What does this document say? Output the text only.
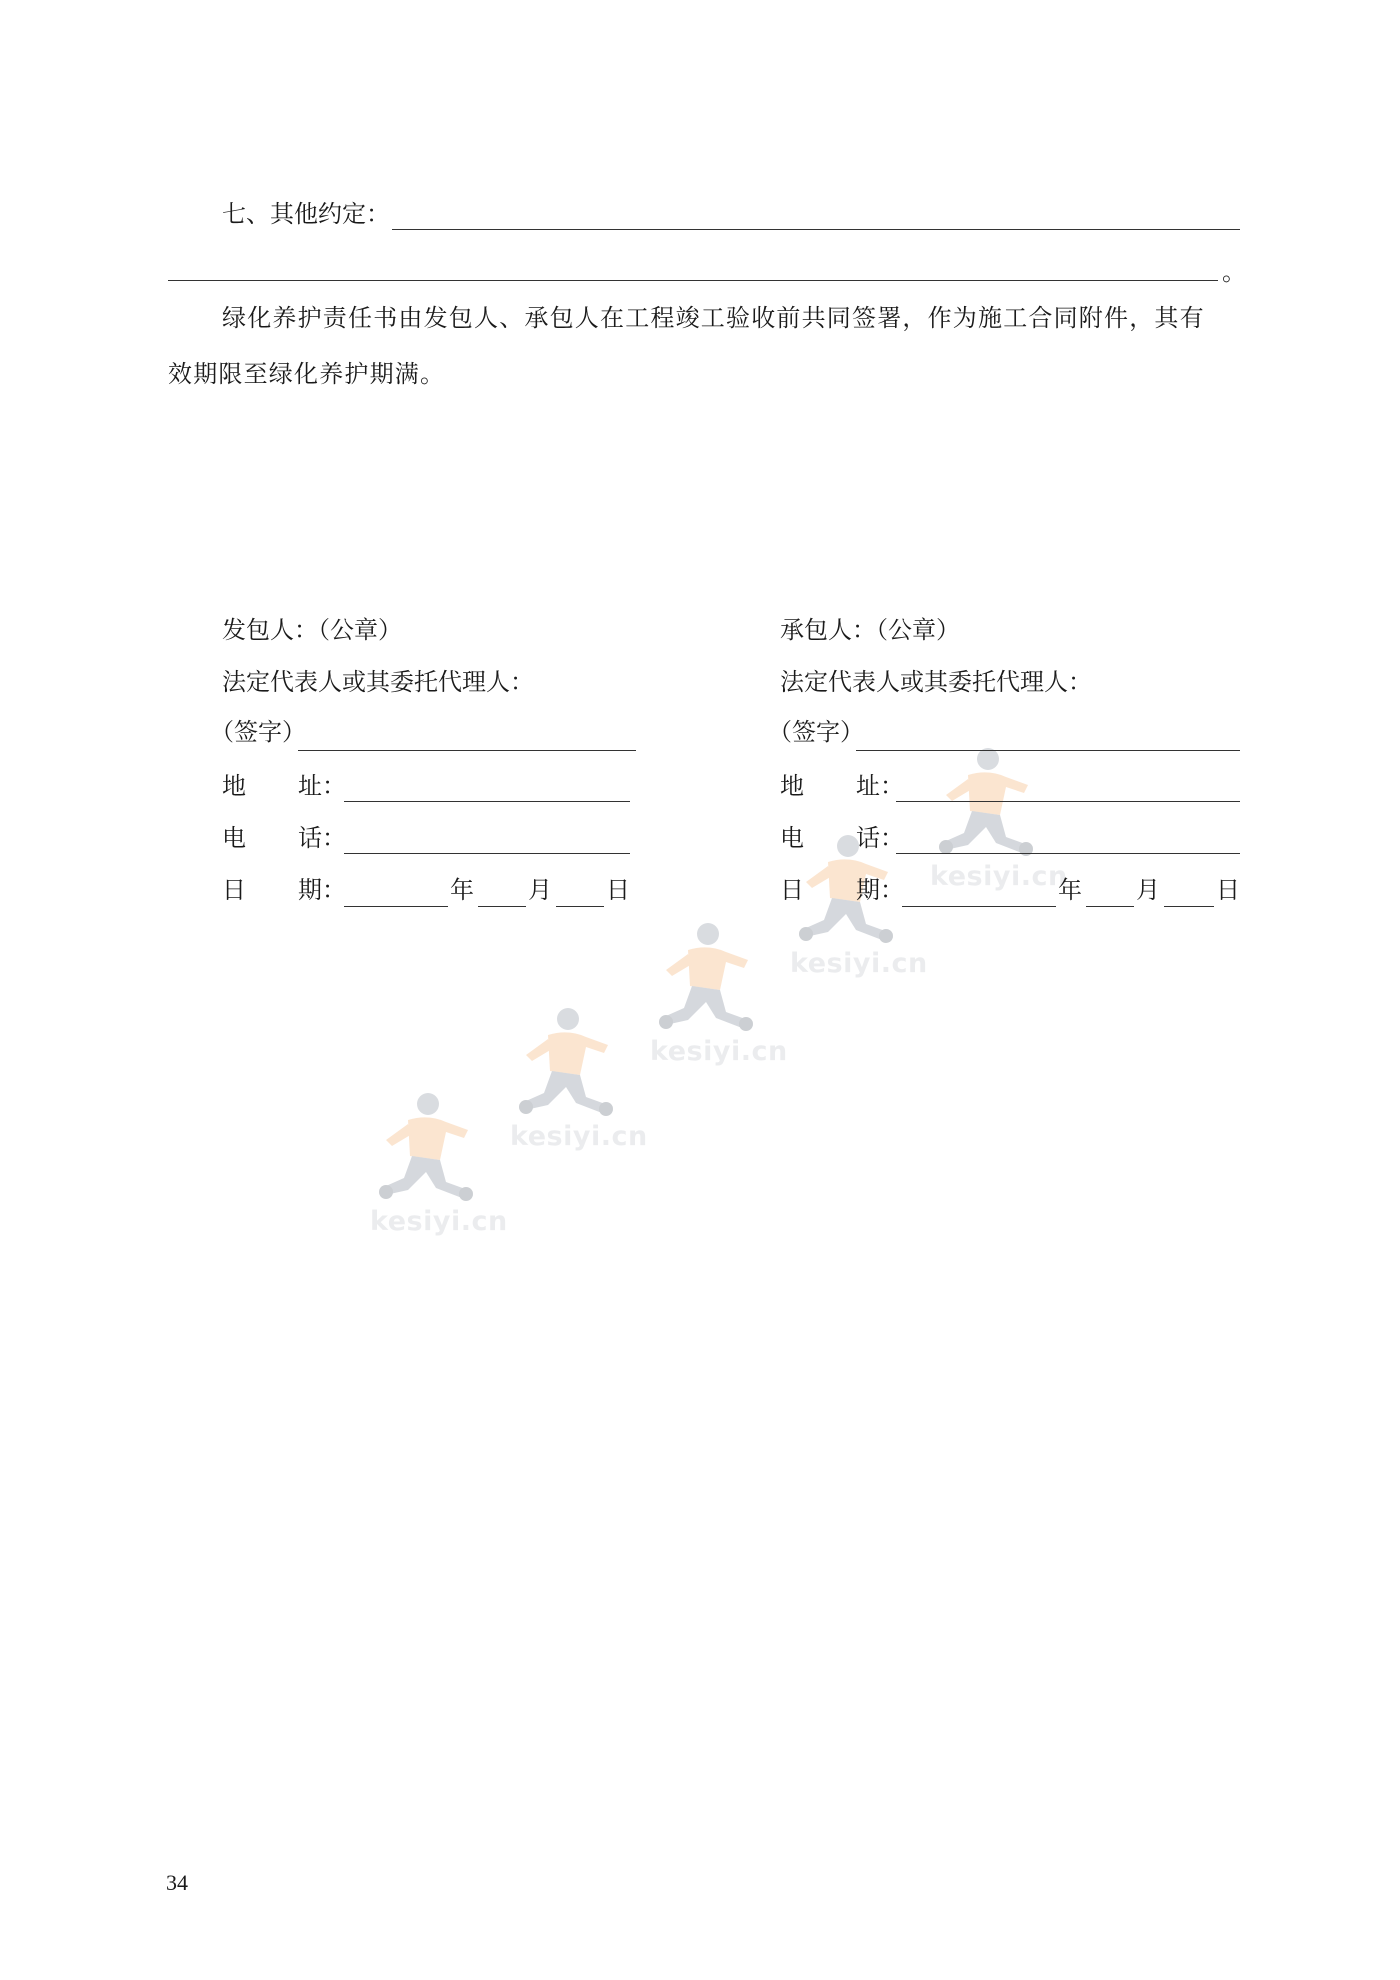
kesiyi.cn
kesiyi.cn
kesiyi.cn
kesiyi.cn
kesiyi.cn
七、其他约定：
。
绿化养护责任书由发包人、承包人在工程竣工验收前共同签署，作为施工合同附件，其有
效期限至绿化养护期满。
发包人：（公章）
法定代表人或其委托代理人：
（签字）
地 址：
电 话：
日 期：	年 月 日
承包人：（公章）
法定代表人或其委托代理人：
（签字）
地 址：
电 话：
日 期：	年 月 日
34
